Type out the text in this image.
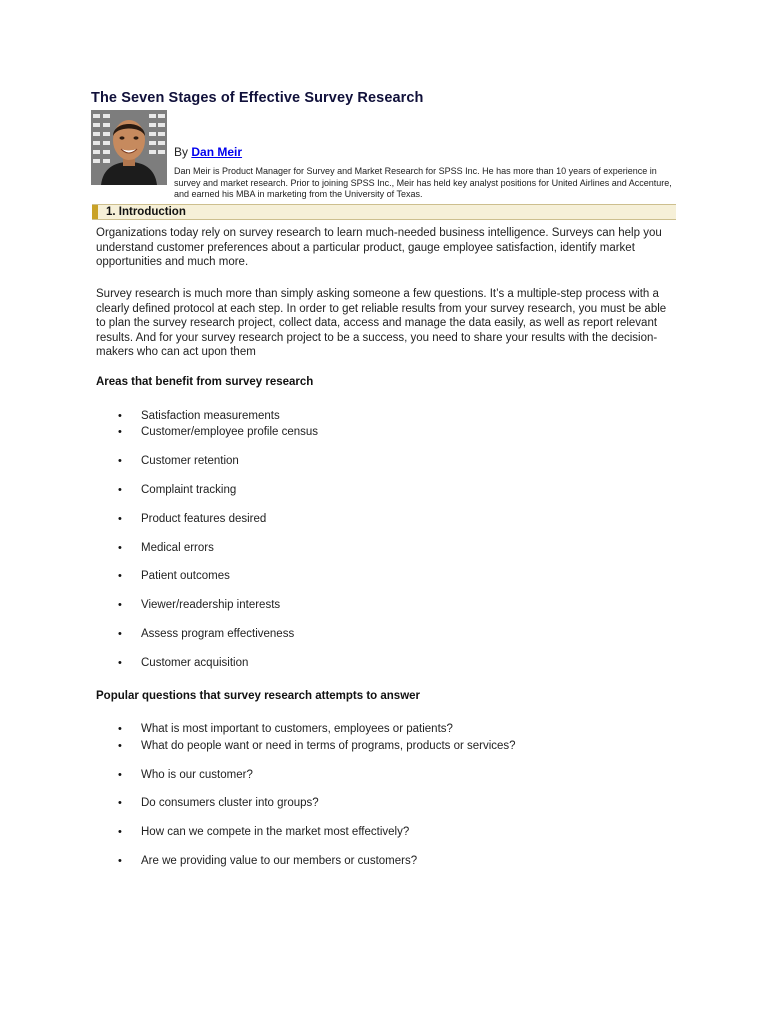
The Seven Stages of Effective Survey Research
By Dan Meir

Dan Meir is Product Manager for Survey and Market Research for SPSS Inc. He has more than 10 years of experience in survey and market research. Prior to joining SPSS Inc., Meir has held key analyst positions for United Airlines and Accenture, and earned his MBA in marketing from the University of Texas.

1. Introduction

Organizations today rely on survey research to learn much-needed business intelligence. Surveys can help you understand customer preferences about a particular product, gauge employee satisfaction, identify market opportunities and much more.

Survey research is much more than simply asking someone a few questions. It’s a multiple-step process with a clearly defined protocol at each step. In order to get reliable results from your survey research, you must be able to plan the survey research project, collect data, access and manage the data easily, as well as report relevant results. And for your survey research project to be a success, you need to share your results with the decision-makers who can act upon them

Areas that benefit from survey research

• Satisfaction measurements
• Customer/employee profile census
• Customer retention
• Complaint tracking
• Product features desired
• Medical errors
• Patient outcomes
• Viewer/readership interests
• Assess program effectiveness
• Customer acquisition

Popular questions that survey research attempts to answer

• What is most important to customers, employees or patients?
• What do people want or need in terms of programs, products or services?
• Who is our customer?
• Do consumers cluster into groups?
• How can we compete in the market most effectively?
• Are we providing value to our members or customers?
